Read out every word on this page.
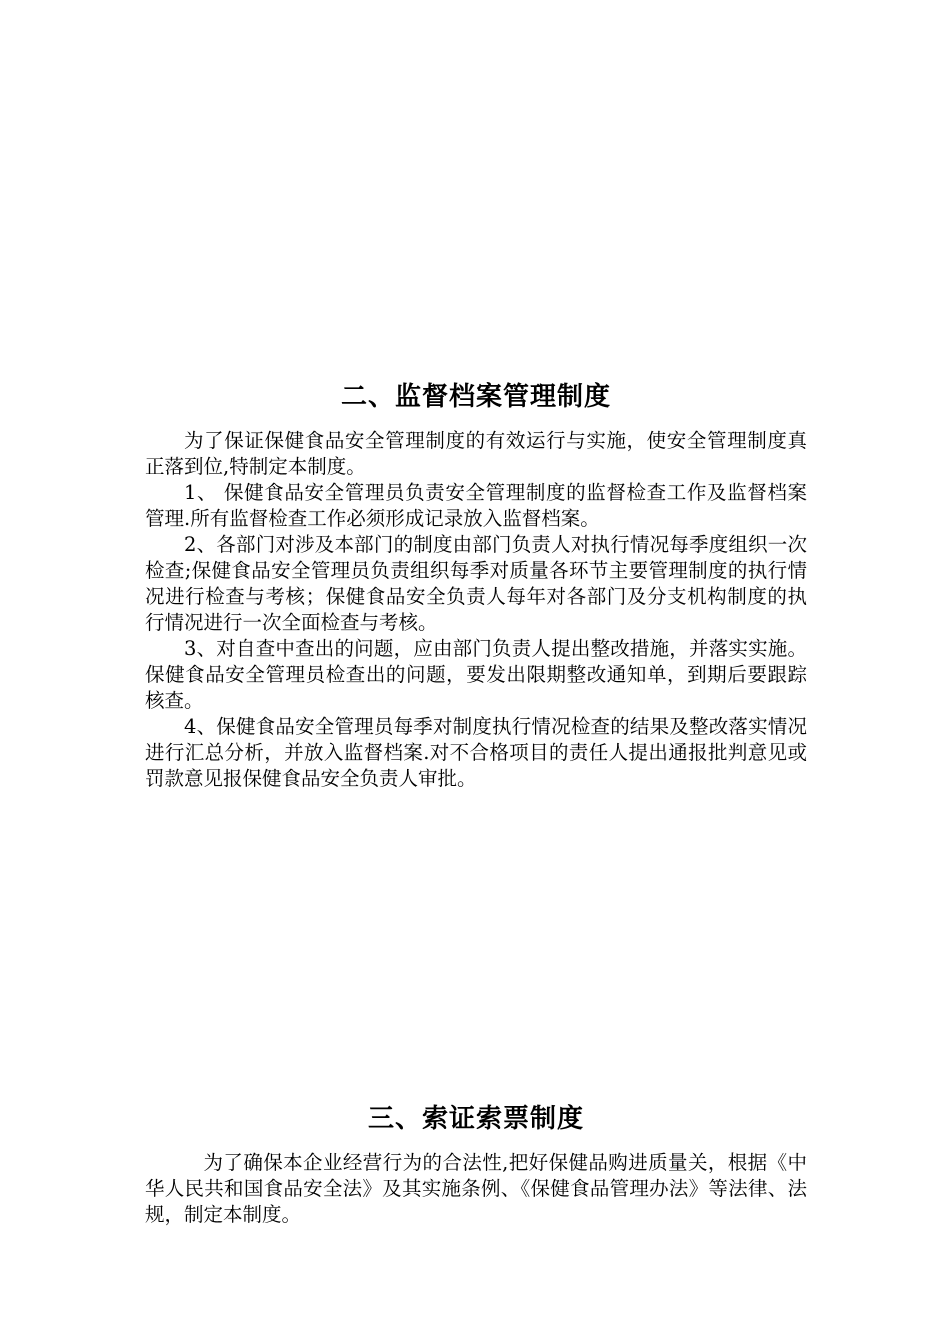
二、监督档案管理制度

为了保证保健食品安全管理制度的有效运行与实施，使安全管理制度真正落到位,特制定本制度。

1、 保健食品安全管理员负责安全管理制度的监督检查工作及监督档案管理.所有监督检查工作必须形成记录放入监督档案。

2、各部门对涉及本部门的制度由部门负责人对执行情况每季度组织一次检查;保健食品安全管理员负责组织每季对质量各环节主要管理制度的执行情况进行检查与考核；保健食品安全负责人每年对各部门及分支机构制度的执行情况进行一次全面检查与考核。

3、对自查中查出的问题，应由部门负责人提出整改措施，并落实实施。保健食品安全管理员检查出的问题，要发出限期整改通知单，到期后要跟踪核查。

4、保健食品安全管理员每季对制度执行情况检查的结果及整改落实情况进行汇总分析，并放入监督档案.对不合格项目的责任人提出通报批判意见或罚款意见报保健食品安全负责人审批。

三、索证索票制度

为了确保本企业经营行为的合法性,把好保健品购进质量关，根据《中华人民共和国食品安全法》及其实施条例、《保健食品管理办法》等法律、法规，制定本制度。
